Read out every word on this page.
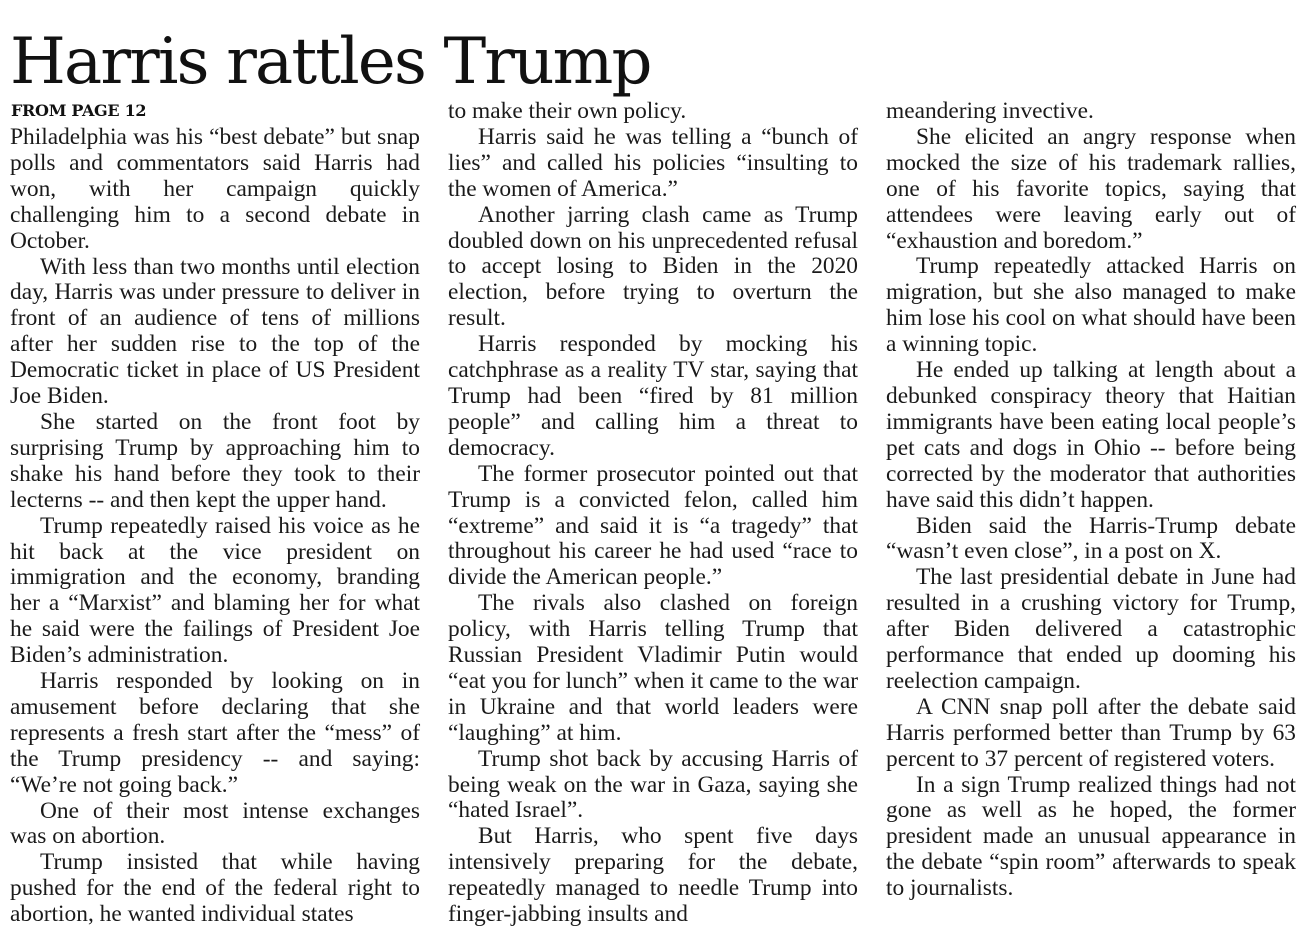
Harris rattles Trump
FROM PAGE 12

Philadelphia was his “best debate” but snap polls and commentators said Harris had won, with her campaign quickly challenging him to a second debate in October.

With less than two months until election day, Harris was under pressure to deliver in front of an audience of tens of millions after her sudden rise to the top of the Democratic ticket in place of US President Joe Biden.

She started on the front foot by surprising Trump by approaching him to shake his hand before they took to their lecterns -- and then kept the upper hand.

Trump repeatedly raised his voice as he hit back at the vice president on immigration and the economy, branding her a “Marxist” and blaming her for what he said were the failings of President Joe Biden’s administration.

Harris responded by looking on in amusement before declaring that she represents a fresh start after the “mess” of the Trump presidency -- and saying: “We’re not going back.”

One of their most intense exchanges was on abortion.

Trump insisted that while having pushed for the end of the federal right to abortion, he wanted individual states

to make their own policy.

Harris said he was telling a “bunch of lies” and called his policies “insulting to the women of America.”

Another jarring clash came as Trump doubled down on his unprecedented refusal to accept losing to Biden in the 2020 election, before trying to overturn the result.

Harris responded by mocking his catchphrase as a reality TV star, saying that Trump had been “fired by 81 million people” and calling him a threat to democracy.

The former prosecutor pointed out that Trump is a convicted felon, called him “extreme” and said it is “a tragedy” that throughout his career he had used “race to divide the American people.”

The rivals also clashed on foreign policy, with Harris telling Trump that Russian President Vladimir Putin would “eat you for lunch” when it came to the war in Ukraine and that world leaders were “laughing” at him.

Trump shot back by accusing Harris of being weak on the war in Gaza, saying she “hated Israel”.

But Harris, who spent five days intensively preparing for the debate, repeatedly managed to needle Trump into finger-jabbing insults and

meandering invective.

She elicited an angry response when mocked the size of his trademark rallies, one of his favorite topics, saying that attendees were leaving early out of “exhaustion and boredom.”

Trump repeatedly attacked Harris on migration, but she also managed to make him lose his cool on what should have been a winning topic.

He ended up talking at length about a debunked conspiracy theory that Haitian immigrants have been eating local people’s pet cats and dogs in Ohio -- before being corrected by the moderator that authorities have said this didn’t happen.

Biden said the Harris-Trump debate “wasn’t even close”, in a post on X.

The last presidential debate in June had resulted in a crushing victory for Trump, after Biden delivered a catastrophic performance that ended up dooming his reelection campaign.

A CNN snap poll after the debate said Harris performed better than Trump by 63 percent to 37 percent of registered voters.

In a sign Trump realized things had not gone as well as he hoped, the former president made an unusual appearance in the debate “spin room” afterwards to speak to journalists.
